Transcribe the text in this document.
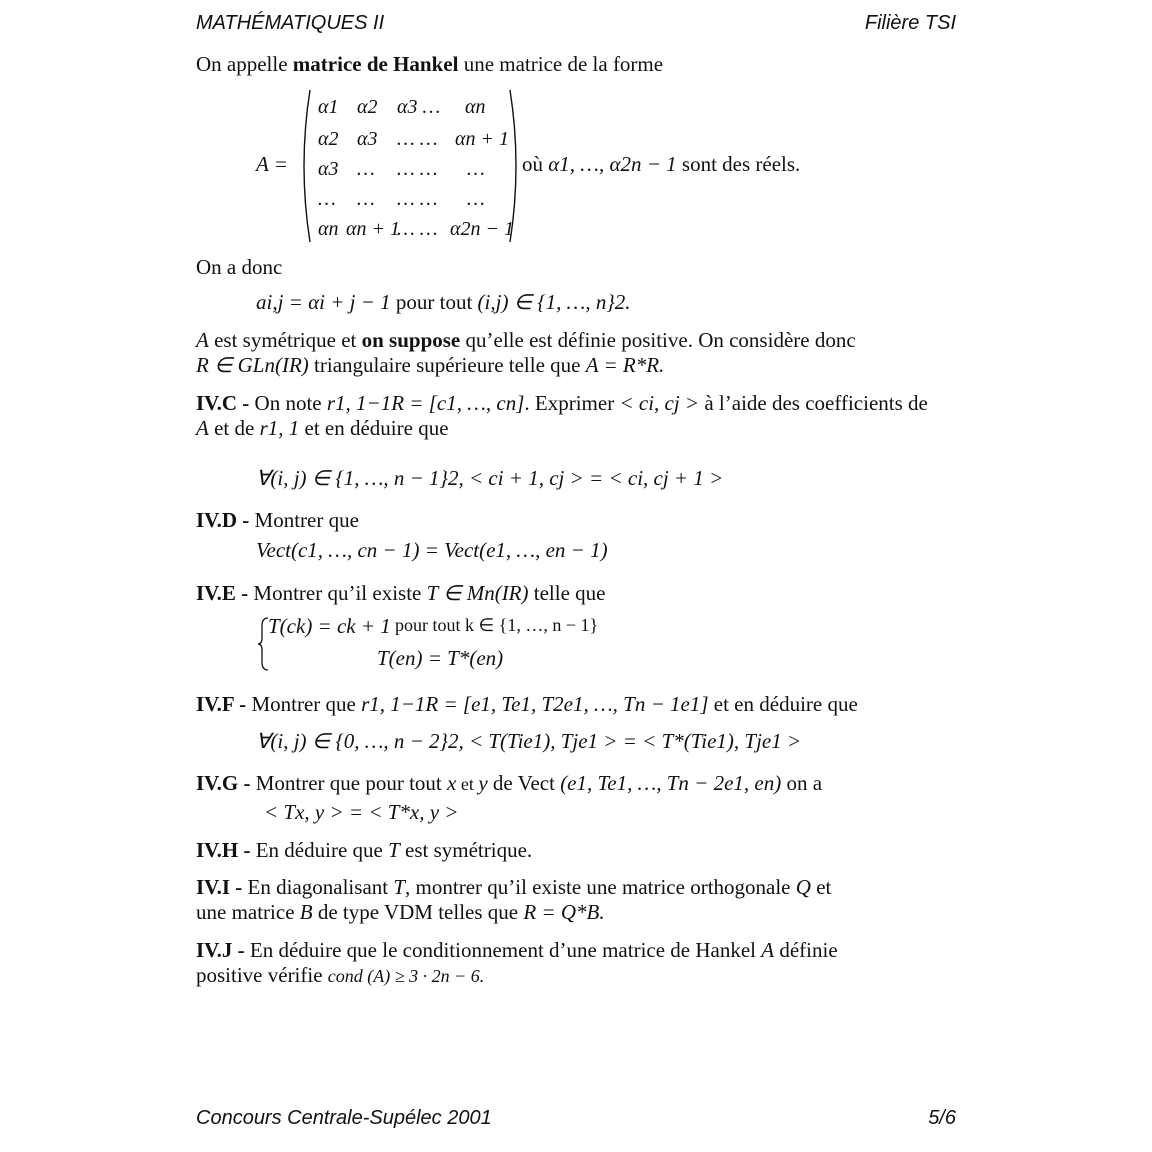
MATHÉMATIQUES II	Filière TSI
On appelle matrice de Hankel une matrice de la forme
A =
α1 α2 α3 … αn
α2 α3 … … αn + 1
α3 … … … …
… … … … …
αn αn + 1
… … α2n − 1
où α1, …, α2n − 1 sont des réels.
On a donc
ai,j = αi + j − 1 pour tout (i,j) ∈ {1, …, n}2.
A est symétrique et on suppose qu’elle est définie positive. On considère donc
R ∈ GLn(IR) triangulaire supérieure telle que A = R*R.
IV.C - On note r1, 1−1R = [c1, …, cn]. Exprimer < ci, cj > à l’aide des coefficients de
A et de r1, 1 et en déduire que
∀(i, j) ∈ {1, …, n − 1}2, < ci + 1, cj > = < ci, cj + 1 >
IV.D - Montrer que
Vect(c1, …, cn − 1) = Vect(e1, …, en − 1)
IV.E - Montrer qu’il existe T ∈ Mn(IR) telle que
T(ck) = ck + 1 pour tout k ∈ {1, …, n − 1}
T(en) = T*(en)
IV.F - Montrer que r1, 1−1R = [e1, Te1, T2e1, …, Tn − 1e1] et en déduire que
∀(i, j) ∈ {0, …, n − 2}2, < T(Tie1), Tje1 > = < T*(Tie1), Tje1 >
IV.G - Montrer que pour tout x et y de Vect (e1, Te1, …, Tn − 2e1, en) on a
< Tx, y > = < T*x, y >
IV.H - En déduire que T est symétrique.
IV.I - En diagonalisant T, montrer qu’il existe une matrice orthogonale Q et
une matrice B de type VDM telles que R = Q*B.
IV.J - En déduire que le conditionnement d’une matrice de Hankel A définie
positive vérifie cond (A) ≥ 3 · 2n − 6.
Concours Centrale-Supélec 2001	5/6
